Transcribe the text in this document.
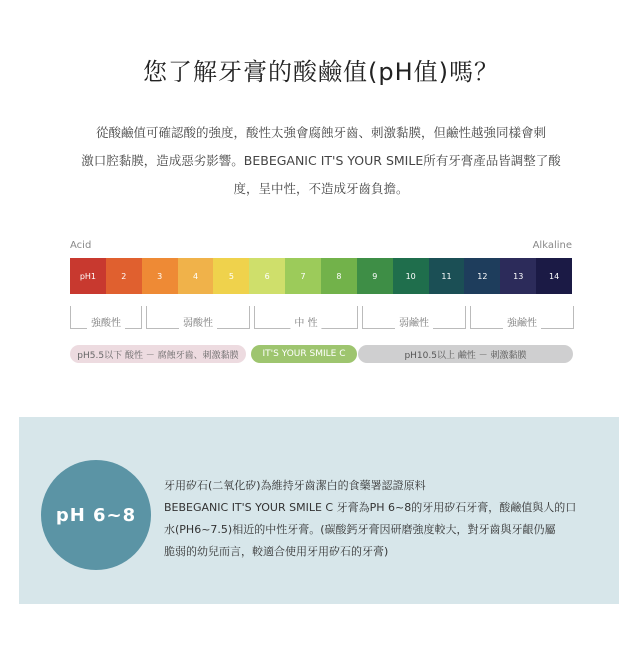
您了解牙膏的酸鹼值(pH值)嗎？

從酸鹼值可確認酸的強度，酸性太強會腐蝕牙齒、刺激黏膜，但鹼性越強同樣會刺

激口腔黏膜，造成惡劣影響。BEBEGANIC IT'S YOUR SMILE所有牙膏產品皆調整了酸

度，呈中性，不造成牙齒負擔。

Acid	Alkaline
pH1	2	3	4	5	6	7	8	9	10	11	12	13	14
強酸性	弱酸性	中 性	弱鹼性	強鹼性
pH5.5以下 酸性 － 腐蝕牙齒、刺激黏膜	IT'S YOUR SMILE C	pH10.5以上 鹼性 － 刺激黏膜
pH 6~8

牙用矽石(二氧化矽)為維持牙齒潔白的食藥署認證原料

BEBEGANIC IT'S YOUR SMILE C 牙膏為PH 6~8的牙用矽石牙膏，酸鹼值與人的口

水(PH6~7.5)相近的中性牙膏。(碳酸鈣牙膏因研磨強度較大，對牙齒與牙齦仍屬

脆弱的幼兒而言，較適合使用牙用矽石的牙膏)
